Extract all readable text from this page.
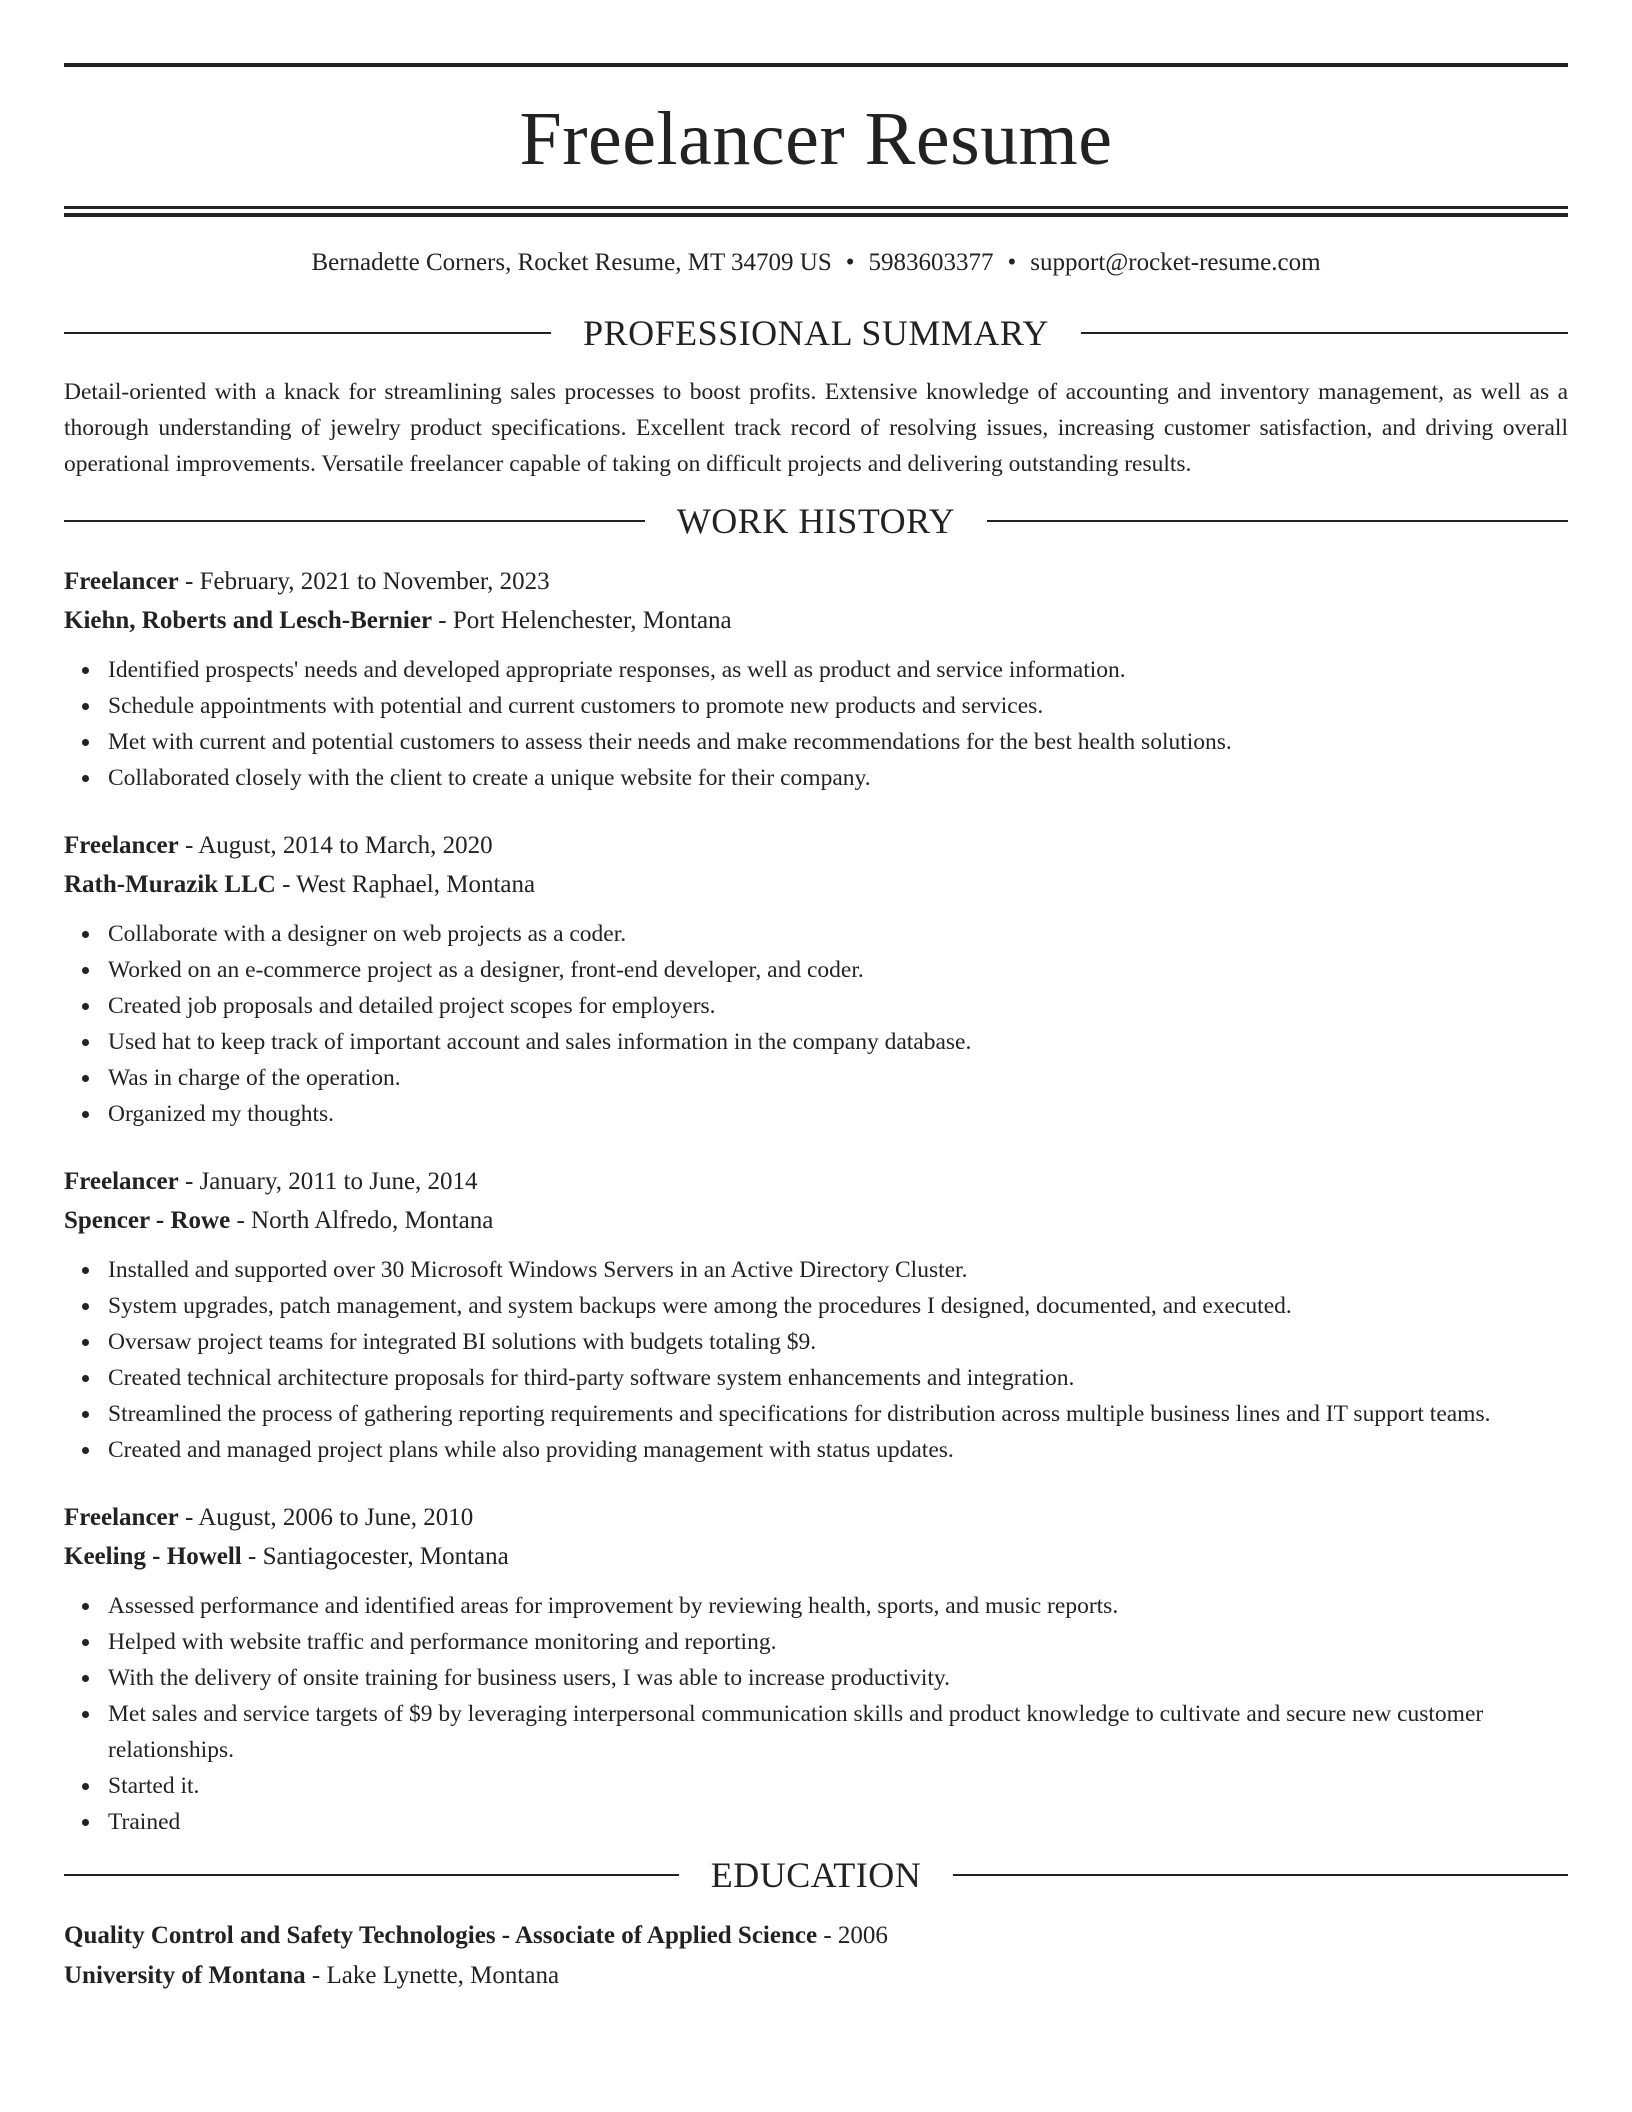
Freelancer Resume
Bernadette Corners, Rocket Resume, MT 34709 US • 5983603377 • support@rocket-resume.com
PROFESSIONAL SUMMARY
Detail-oriented with a knack for streamlining sales processes to boost profits. Extensive knowledge of accounting and inventory management, as well as a thorough understanding of jewelry product specifications. Excellent track record of resolving issues, increasing customer satisfaction, and driving overall operational improvements. Versatile freelancer capable of taking on difficult projects and delivering outstanding results.
WORK HISTORY
Freelancer - February, 2021 to November, 2023
Kiehn, Roberts and Lesch-Bernier - Port Helenchester, Montana
Identified prospects' needs and developed appropriate responses, as well as product and service information.
Schedule appointments with potential and current customers to promote new products and services.
Met with current and potential customers to assess their needs and make recommendations for the best health solutions.
Collaborated closely with the client to create a unique website for their company.
Freelancer - August, 2014 to March, 2020
Rath-Murazik LLC - West Raphael, Montana
Collaborate with a designer on web projects as a coder.
Worked on an e-commerce project as a designer, front-end developer, and coder.
Created job proposals and detailed project scopes for employers.
Used hat to keep track of important account and sales information in the company database.
Was in charge of the operation.
Organized my thoughts.
Freelancer - January, 2011 to June, 2014
Spencer - Rowe - North Alfredo, Montana
Installed and supported over 30 Microsoft Windows Servers in an Active Directory Cluster.
System upgrades, patch management, and system backups were among the procedures I designed, documented, and executed.
Oversaw project teams for integrated BI solutions with budgets totaling $9.
Created technical architecture proposals for third-party software system enhancements and integration.
Streamlined the process of gathering reporting requirements and specifications for distribution across multiple business lines and IT support teams.
Created and managed project plans while also providing management with status updates.
Freelancer - August, 2006 to June, 2010
Keeling - Howell - Santiagocester, Montana
Assessed performance and identified areas for improvement by reviewing health, sports, and music reports.
Helped with website traffic and performance monitoring and reporting.
With the delivery of onsite training for business users, I was able to increase productivity.
Met sales and service targets of $9 by leveraging interpersonal communication skills and product knowledge to cultivate and secure new customer relationships.
Started it.
Trained
EDUCATION
Quality Control and Safety Technologies - Associate of Applied Science - 2006
University of Montana - Lake Lynette, Montana
